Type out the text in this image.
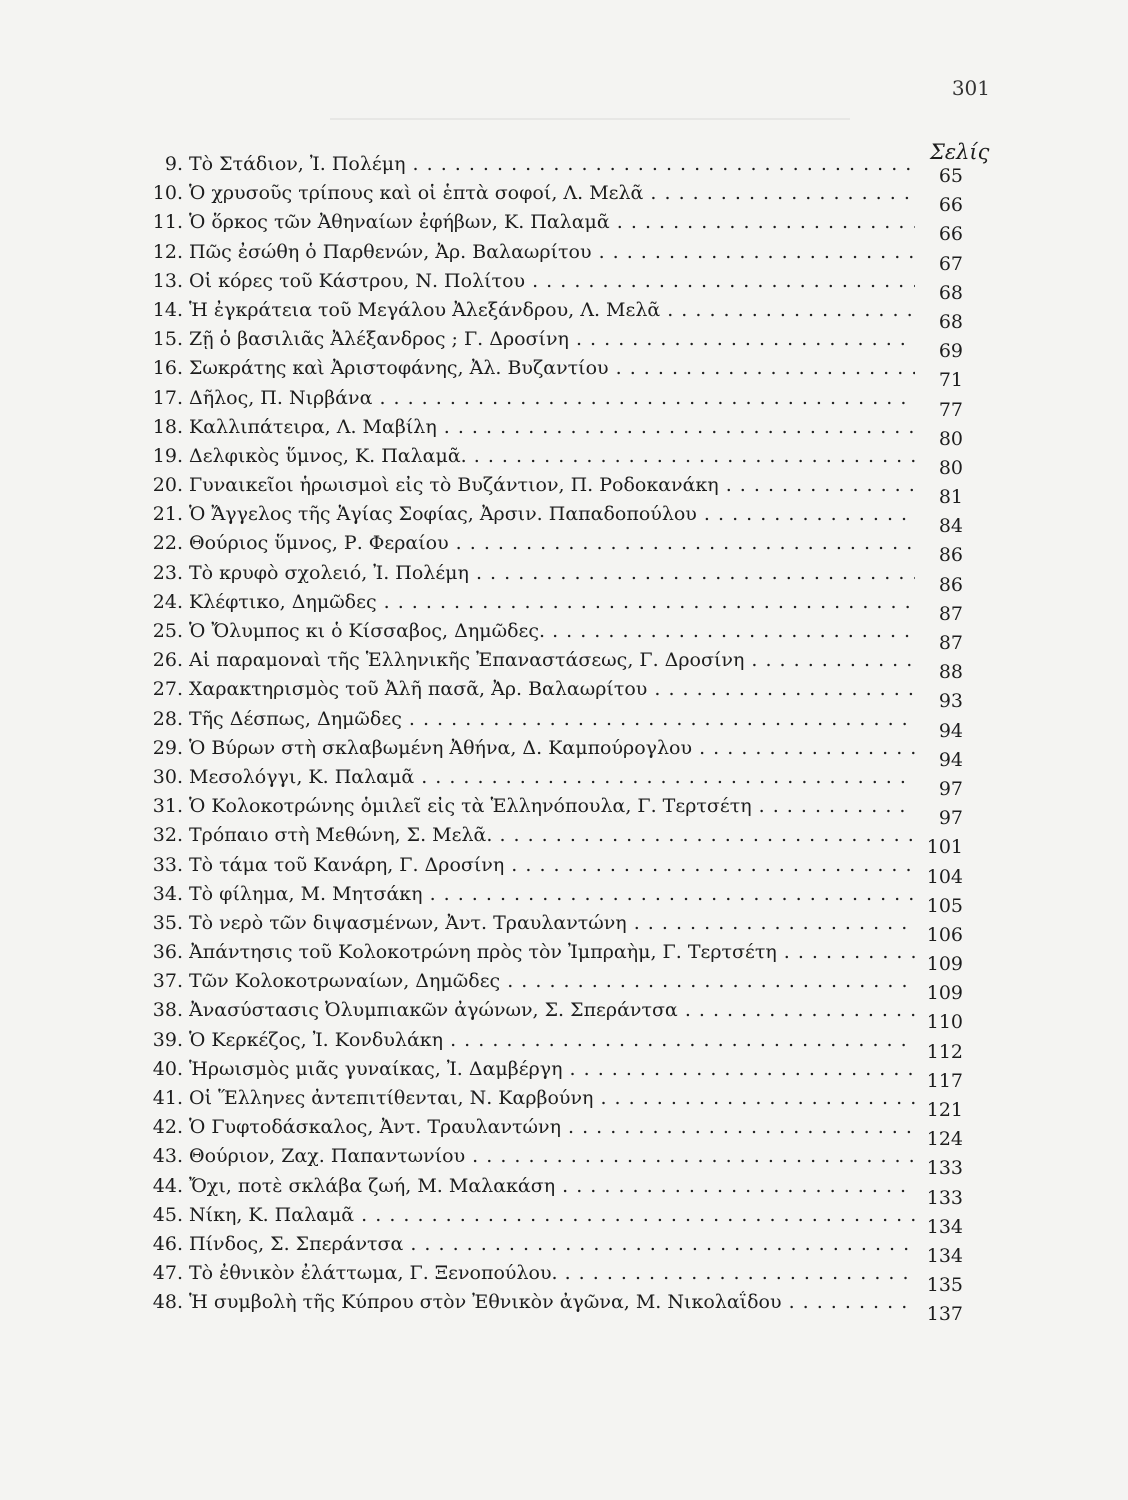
301
Σελίς
9. Τὸ Στάδιον, Ἰ. Πολέμη . . .
65
10. Ὁ χρυσοῦς τρίπους καὶ οἱ ἑπτὰ σοφοί, Λ. Μελᾶ . . .
66
11. Ὁ ὅρκος τῶν Ἀθηναίων ἐφήβων, Κ. Παλαμᾶ . . .
66
12. Πῶς ἐσώθη ὁ Παρθενών, Ἀρ. Βαλαωρίτου . . .
67
13. Οἱ κόρες τοῦ Κάστρου, Ν. Πολίτου . . .
68
14. Ἡ ἐγκράτεια τοῦ Μεγάλου Ἀλεξάνδρου, Λ. Μελᾶ . . .
68
15. Ζῇ ὁ βασιλιᾶς Ἀλέξανδρος ; Γ. Δροσίνη . . .
69
16. Σωκράτης καὶ Ἀριστοφάνης, Ἀλ. Βυζαντίου . . .
71
17. Δῆλος, Π. Νιρβάνα . . .
77
18. Καλλιπάτειρα, Λ. Μαβίλη . . .
80
19. Δελφικὸς ὕμνος, Κ. Παλαμᾶ. . . .
80
20. Γυναικεῖοι ἡρωισμοὶ εἰς τὸ Βυζάντιον, Π. Ροδοκανάκη . . .
81
21. Ὁ Ἄγγελος τῆς Ἁγίας Σοφίας, Ἀρσιν. Παπαδοπούλου . . .
84
22. Θούριος ὕμνος, Ρ. Φεραίου . . .
86
23. Τὸ κρυφὸ σχολειό, Ἰ. Πολέμη . . .
86
24. Κλέφτικο, Δημῶδες . . .
87
25. Ὁ Ὄλυμπος κι ὁ Κίσσαβος, Δημῶδες. . . .
87
26. Αἱ παραμοναὶ τῆς Ἑλληνικῆς Ἐπαναστάσεως, Γ. Δροσίνη . . .
88
27. Χαρακτηρισμὸς τοῦ Ἀλῆ πασᾶ, Ἀρ. Βαλαωρίτου . . .
93
28. Τῆς Δέσπως, Δημῶδες . . .
94
29. Ὁ Βύρων στὴ σκλαβωμένη Ἀθήνα, Δ. Καμπούρογλου . . .
94
30. Μεσολόγγι, Κ. Παλαμᾶ . . .
97
31. Ὁ Κολοκοτρώνης ὁμιλεῖ εἰς τὰ Ἑλληνόπουλα, Γ. Τερτσέτη . . .
97
32. Τρόπαιο στὴ Μεθώνη, Σ. Μελᾶ. . . .
101
33. Τὸ τάμα τοῦ Κανάρη, Γ. Δροσίνη . . .
104
34. Τὸ φίλημα, Μ. Μητσάκη . . .
105
35. Τὸ νερὸ τῶν διψασμένων, Ἀντ. Τραυλαντώνη . . .
106
36. Ἀπάντησις τοῦ Κολοκοτρώνη πρὸς τὸν Ἰμπραὴμ, Γ. Τερτσέτη . . .
109
37. Τῶν Κολοκοτρωναίων, Δημῶδες . . .
109
38. Ἀνασύστασις Ὀλυμπιακῶν ἀγώνων, Σ. Σπεράντσα . . .
110
39. Ὁ Κερκέζος, Ἰ. Κονδυλάκη . . .
112
40. Ἡρωισμὸς μιᾶς γυναίκας, Ἰ. Δαμβέργη . . .
117
41. Οἱ Ἕλληνες ἀντεπιτίθενται, Ν. Καρβούνη . . .
121
42. Ὁ Γυφτοδάσκαλος, Ἀντ. Τραυλαντώνη . . .
124
43. Θούριον, Ζαχ. Παπαντωνίου . . .
133
44. Ὄχι, ποτὲ σκλάβα ζωή, Μ. Μαλακάση . . .
133
45. Νίκη, Κ. Παλαμᾶ . . .
134
46. Πίνδος, Σ. Σπεράντσα . . .
134
47. Τὸ ἐθνικὸν ἐλάττωμα, Γ. Ξενοπούλου. . . .
135
48. Ἡ συμβολὴ τῆς Κύπρου στὸν Ἐθνικὸν ἀγῶνα, Μ. Νικολαΐδου . . .
137
